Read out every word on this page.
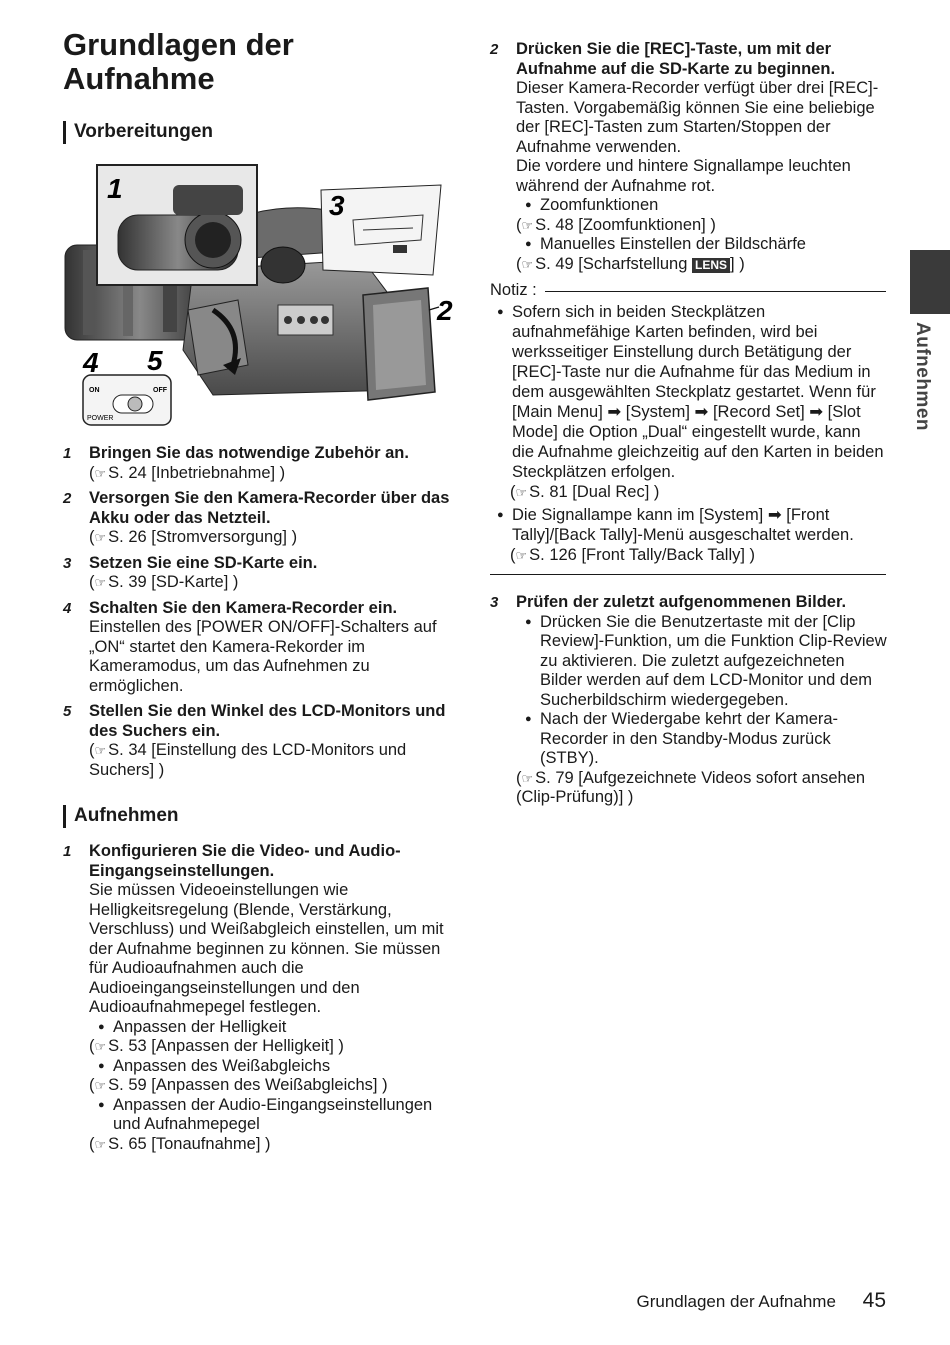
Grundlagen der
Aufnahme
Vorbereitungen
ON	OFF
POWER
1
2
3
4 5
1 Bringen Sie das notwendige Zubehör an.
(☞ S. 24 [Inbetriebnahme] )
2 Versorgen Sie den Kamera-Recorder über das Akku oder das Netzteil.
(☞ S. 26 [Stromversorgung] )
3 Setzen Sie eine SD-Karte ein.
(☞ S. 39 [SD-Karte] )
4 Schalten Sie den Kamera-Recorder ein.
Einstellen des [POWER ON/OFF]-Schalters auf „ON“ startet den Kamera-Rekorder im Kameramodus, um das Aufnehmen zu ermöglichen.
5 Stellen Sie den Winkel des LCD-Monitors und des Suchers ein.
(☞ S. 34 [Einstellung des LCD-Monitors und Suchers] )
Aufnehmen
1 Konfigurieren Sie die Video- und Audio-Eingangseinstellungen.
Sie müssen Videoeinstellungen wie Helligkeitsregelung (Blende, Verstärkung, Verschluss) und Weißabgleich einstellen, um mit der Aufnahme beginnen zu können. Sie müssen für Audioaufnahmen auch die Audioeingangseinstellungen und den Audioaufnahmepegel festlegen.
● Anpassen der Helligkeit
(☞ S. 53 [Anpassen der Helligkeit] )
● Anpassen des Weißabgleichs
(☞ S. 59 [Anpassen des Weißabgleichs] )
● Anpassen der Audio-Eingangseinstellungen und Aufnahmepegel
(☞ S. 65 [Tonaufnahme] )
2 Drücken Sie die [REC]-Taste, um mit der Aufnahme auf die SD-Karte zu beginnen.
Dieser Kamera-Recorder verfügt über drei [REC]-Tasten. Vorgabemäßig können Sie eine beliebige der [REC]-Tasten zum Starten/Stoppen der Aufnahme verwenden.
Die vordere und hintere Signallampe leuchten während der Aufnahme rot.
● Zoomfunktionen
(☞ S. 48 [Zoomfunktionen] )
● Manuelles Einstellen der Bildschärfe
(☞ S. 49 [Scharfstellung LENS ] )
Notiz :
● Sofern sich in beiden Steckplätzen aufnahmefähige Karten befinden, wird bei werksseitiger Einstellung durch Betätigung der [REC]-Taste nur die Aufnahme für das Medium in dem ausgewählten Steckplatz gestartet. Wenn für [Main Menu] ➡ [System] ➡ [Record Set] ➡ [Slot Mode] die Option „Dual“ eingestellt wurde, kann die Aufnahme gleichzeitig auf den Karten in beiden Steckplätzen erfolgen.
(☞ S. 81 [Dual Rec] )
● Die Signallampe kann im [System] ➡ [Front Tally]/[Back Tally]-Menü ausgeschaltet werden.
(☞ S. 126 [Front Tally/Back Tally] )
3 Prüfen der zuletzt aufgenommenen Bilder.
● Drücken Sie die Benutzertaste mit der [Clip Review]-Funktion, um die Funktion Clip-Review zu aktivieren. Die zuletzt aufgezeichneten Bilder werden auf dem LCD-Monitor und dem Sucherbildschirm wiedergegeben.
● Nach der Wiedergabe kehrt der Kamera-Recorder in den Standby-Modus zurück (STBY).
(☞ S. 79 [Aufgezeichnete Videos sofort ansehen (Clip-Prüfung)] )
Aufnehmen
Grundlagen der Aufnahme 45
